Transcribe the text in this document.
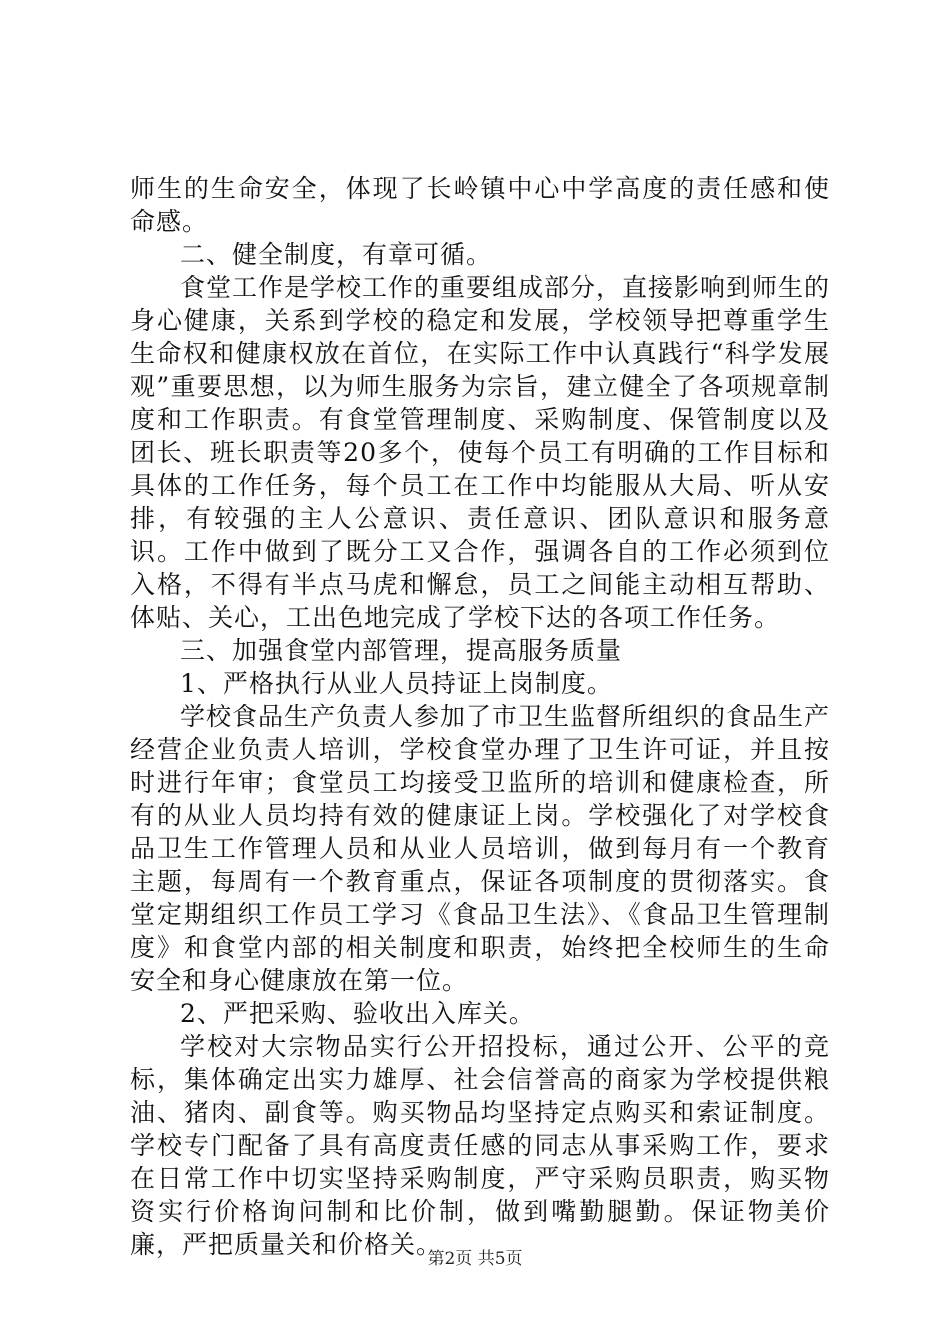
师生的生命安全，体现了长岭镇中心中学高度的责任感和使命感。

二、健全制度，有章可循。

食堂工作是学校工作的重要组成部分，直接影响到师生的身心健康，关系到学校的稳定和发展，学校领导把尊重学生生命权和健康权放在首位，在实际工作中认真践行“科学发展观”重要思想，以为师生服务为宗旨，建立健全了各项规章制度和工作职责。有食堂管理制度、采购制度、保管制度以及团长、班长职责等20多个，使每个员工有明确的工作目标和具体的工作任务，每个员工在工作中均能服从大局、听从安排，有较强的主人公意识、责任意识、团队意识和服务意识。工作中做到了既分工又合作，强调各自的工作必须到位入格，不得有半点马虎和懈怠，员工之间能主动相互帮助、体贴、关心，工出色地完成了学校下达的各项工作任务。

三、加强食堂内部管理，提高服务质量

1、严格执行从业人员持证上岗制度。

学校食品生产负责人参加了市卫生监督所组织的食品生产经营企业负责人培训，学校食堂办理了卫生许可证，并且按时进行年审；食堂员工均接受卫监所的培训和健康检查，所有的从业人员均持有效的健康证上岗。学校强化了对学校食品卫生工作管理人员和从业人员培训，做到每月有一个教育主题，每周有一个教育重点，保证各项制度的贯彻落实。食堂定期组织工作员工学习《食品卫生法》、《食品卫生管理制度》和食堂内部的相关制度和职责，始终把全校师生的生命安全和身心健康放在第一位。

2、严把采购、验收出入库关。

学校对大宗物品实行公开招投标，通过公开、公平的竞标，集体确定出实力雄厚、社会信誉高的商家为学校提供粮油、猪肉、副食等。购买物品均坚持定点购买和索证制度。学校专门配备了具有高度责任感的同志从事采购工作，要求在日常工作中切实坚持采购制度，严守采购员职责，购买物资实行价格询问制和比价制，做到嘴勤腿勤。保证物美价廉，严把质量关和价格关。

第2页 共5页
